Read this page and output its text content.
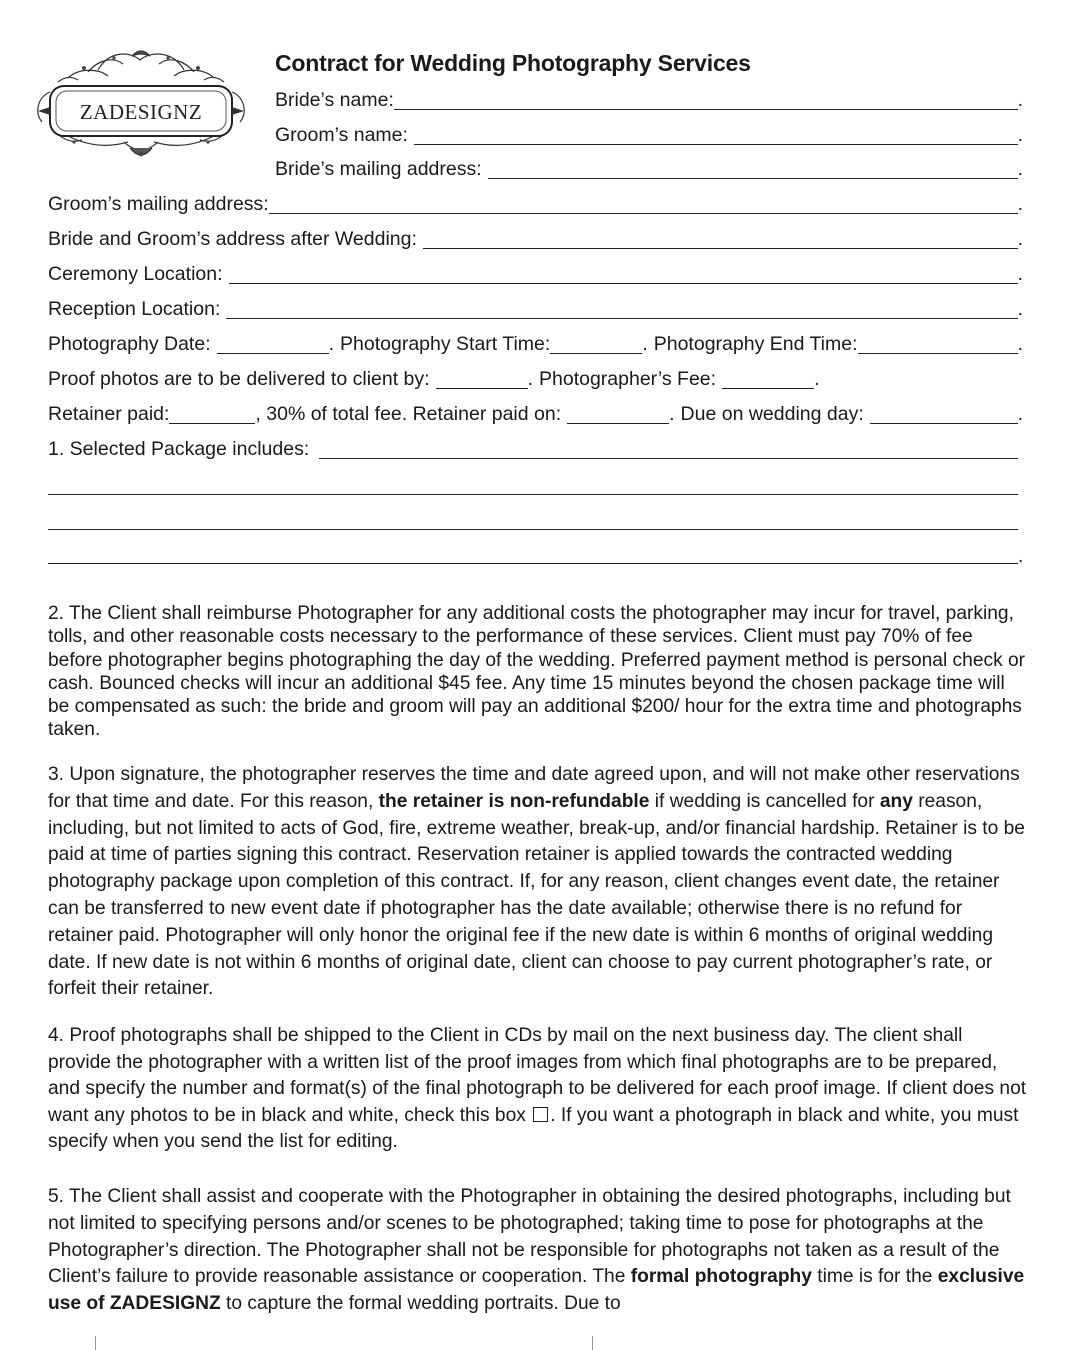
ZADESIGNZ
Contract for Wedding Photography Services
Bride’s name:	.
Groom’s name:	.
Bride’s mailing address:	.
Groom’s mailing address:	.
Bride and Groom’s address after Wedding:	.
Ceremony Location:	.
Reception Location:	.
Photography Date:	. Photography Start Time:	. Photography End Time:	.
Proof photos are to be delivered to client by:	. Photographer’s Fee:	.
Retainer paid:	, 30% of total fee. Retainer paid on:	. Due on wedding day:	.
1. Selected Package includes:
.

2. The Client shall reimburse Photographer for any additional costs the photographer may incur for travel, parking, tolls, and other reasonable costs necessary to the performance of these services. Client must pay 70% of fee before photographer begins photographing the day of the wedding. Preferred payment method is personal check or cash. Bounced checks will incur an additional $45 fee. Any time 15 minutes beyond the chosen package time will be compensated as such: the bride and groom will pay an additional $200/ hour for the extra time and photographs taken.

3. Upon signature, the photographer reserves the time and date agreed upon, and will not make other reservations for that time and date. For this reason, the retainer is non-refundable if wedding is cancelled for any reason, including, but not limited to acts of God, fire, extreme weather, break-up, and/or financial hardship. Retainer is to be paid at time of parties signing this contract. Reservation retainer is applied towards the contracted wedding photography package upon completion of this contract. If, for any reason, client changes event date, the retainer can be transferred to new event date if photographer has the date available; otherwise there is no refund for retainer paid. Photographer will only honor the original fee if the new date is within 6 months of original wedding date. If new date is not within 6 months of original date, client can choose to pay current photographer’s rate, or forfeit their retainer.

4. Proof photographs shall be shipped to the Client in CDs by mail on the next business day. The client shall provide the photographer with a written list of the proof images from which final photographs are to be prepared, and specify the number and format(s) of the final photograph to be delivered for each proof image. If client does not want any photos to be in black and white, check this box . If you want a photograph in black and white, you must specify when you send the list for editing.

5. The Client shall assist and cooperate with the Photographer in obtaining the desired photographs, including but not limited to specifying persons and/or scenes to be photographed; taking time to pose for photographs at the Photographer’s direction. The Photographer shall not be responsible for photographs not taken as a result of the Client’s failure to provide reasonable assistance or cooperation. The formal photography time is for the exclusive use of ZADESIGNZ to capture the formal wedding portraits. Due to
